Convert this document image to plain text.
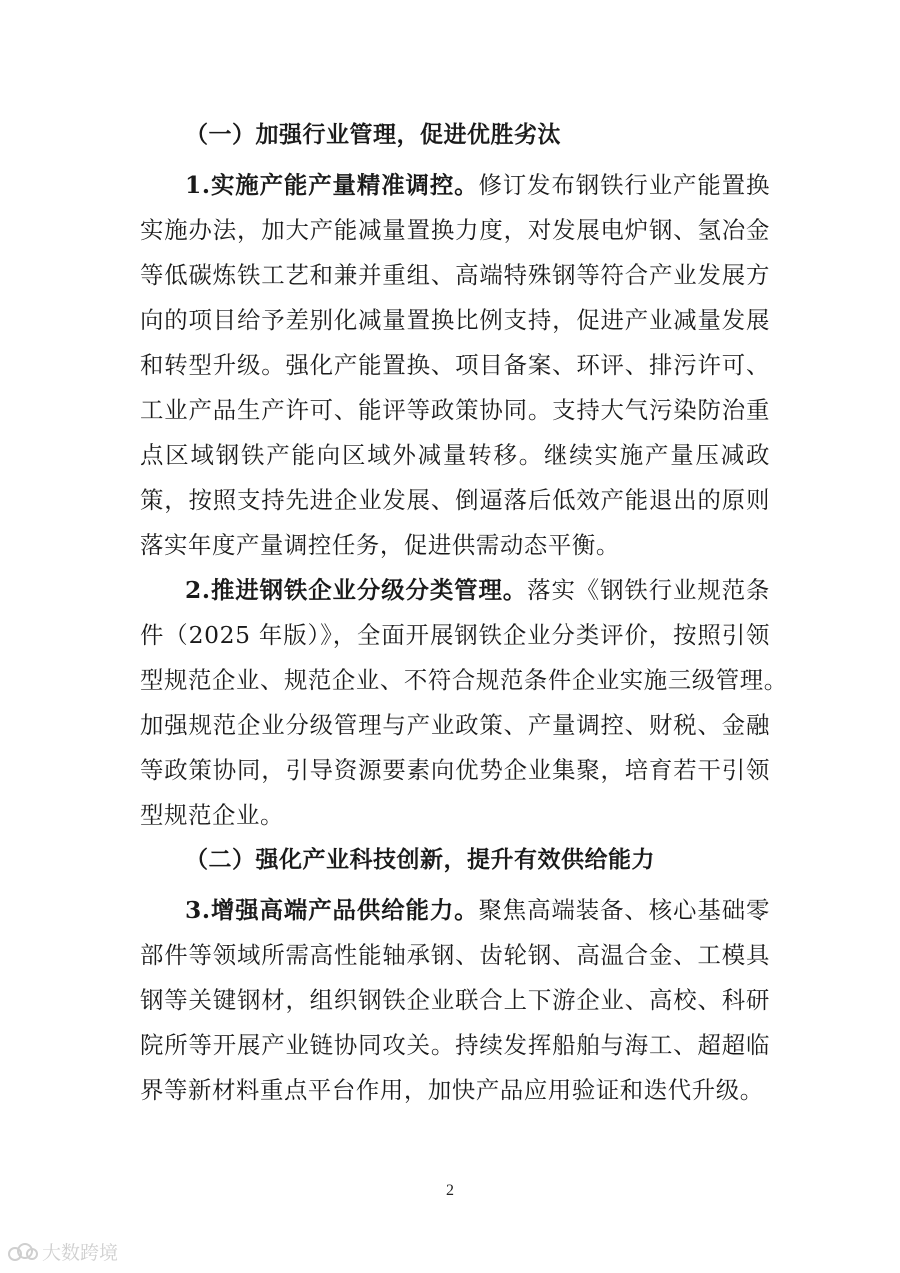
（一）加强行业管理，促进优胜劣汰
1.实施产能产量精准调控。修订发布钢铁行业产能置换
实施办法，加大产能减量置换力度，对发展电炉钢、氢冶金
等低碳炼铁工艺和兼并重组、高端特殊钢等符合产业发展方
向的项目给予差别化减量置换比例支持，促进产业减量发展
和转型升级。强化产能置换、项目备案、环评、排污许可、
工业产品生产许可、能评等政策协同。支持大气污染防治重
点区域钢铁产能向区域外减量转移。继续实施产量压减政
策，按照支持先进企业发展、倒逼落后低效产能退出的原则
落实年度产量调控任务，促进供需动态平衡。
2.推进钢铁企业分级分类管理。落实《钢铁行业规范条
件（2025 年版）》，全面开展钢铁企业分类评价，按照引领
型规范企业、规范企业、不符合规范条件企业实施三级管理。
加强规范企业分级管理与产业政策、产量调控、财税、金融
等政策协同，引导资源要素向优势企业集聚，培育若干引领
型规范企业。
（二）强化产业科技创新，提升有效供给能力
3.增强高端产品供给能力。聚焦高端装备、核心基础零
部件等领域所需高性能轴承钢、齿轮钢、高温合金、工模具
钢等关键钢材，组织钢铁企业联合上下游企业、高校、科研
院所等开展产业链协同攻关。持续发挥船舶与海工、超超临
界等新材料重点平台作用，加快产品应用验证和迭代升级。
2
大数跨境
